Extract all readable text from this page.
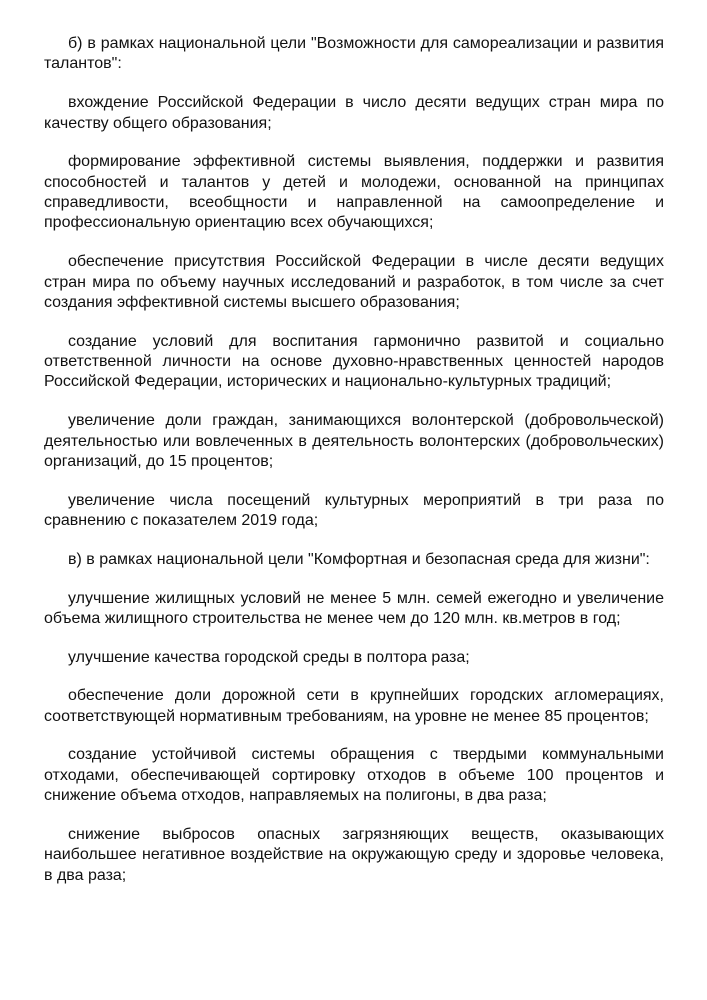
б) в рамках национальной цели "Возможности для самореализации и развития талантов":

вхождение Российской Федерации в число десяти ведущих стран мира по качеству общего образования;

формирование эффективной системы выявления, поддержки и развития способностей и талантов у детей и молодежи, основанной на принципах справедливости, всеобщности и направленной на самоопределение и профессиональную ориентацию всех обучающихся;

обеспечение присутствия Российской Федерации в числе десяти ведущих стран мира по объему научных исследований и разработок, в том числе за счет создания эффективной системы высшего образования;

создание условий для воспитания гармонично развитой и социально ответственной личности на основе духовно-нравственных ценностей народов Российской Федерации, исторических и национально-культурных традиций;

увеличение доли граждан, занимающихся волонтерской (добровольческой) деятельностью или вовлеченных в деятельность волонтерских (добровольческих) организаций, до 15 процентов;

увеличение числа посещений культурных мероприятий в три раза по сравнению с показателем 2019 года;

в) в рамках национальной цели "Комфортная и безопасная среда для жизни":

улучшение жилищных условий не менее 5 млн. семей ежегодно и увеличение объема жилищного строительства не менее чем до 120 млн. кв.метров в год;

улучшение качества городской среды в полтора раза;

обеспечение доли дорожной сети в крупнейших городских агломерациях, соответствующей нормативным требованиям, на уровне не менее 85 процентов;

создание устойчивой системы обращения с твердыми коммунальными отходами, обеспечивающей сортировку отходов в объеме 100 процентов и снижение объема отходов, направляемых на полигоны, в два раза;

снижение выбросов опасных загрязняющих веществ, оказывающих наибольшее негативное воздействие на окружающую среду и здоровье человека, в два раза;
